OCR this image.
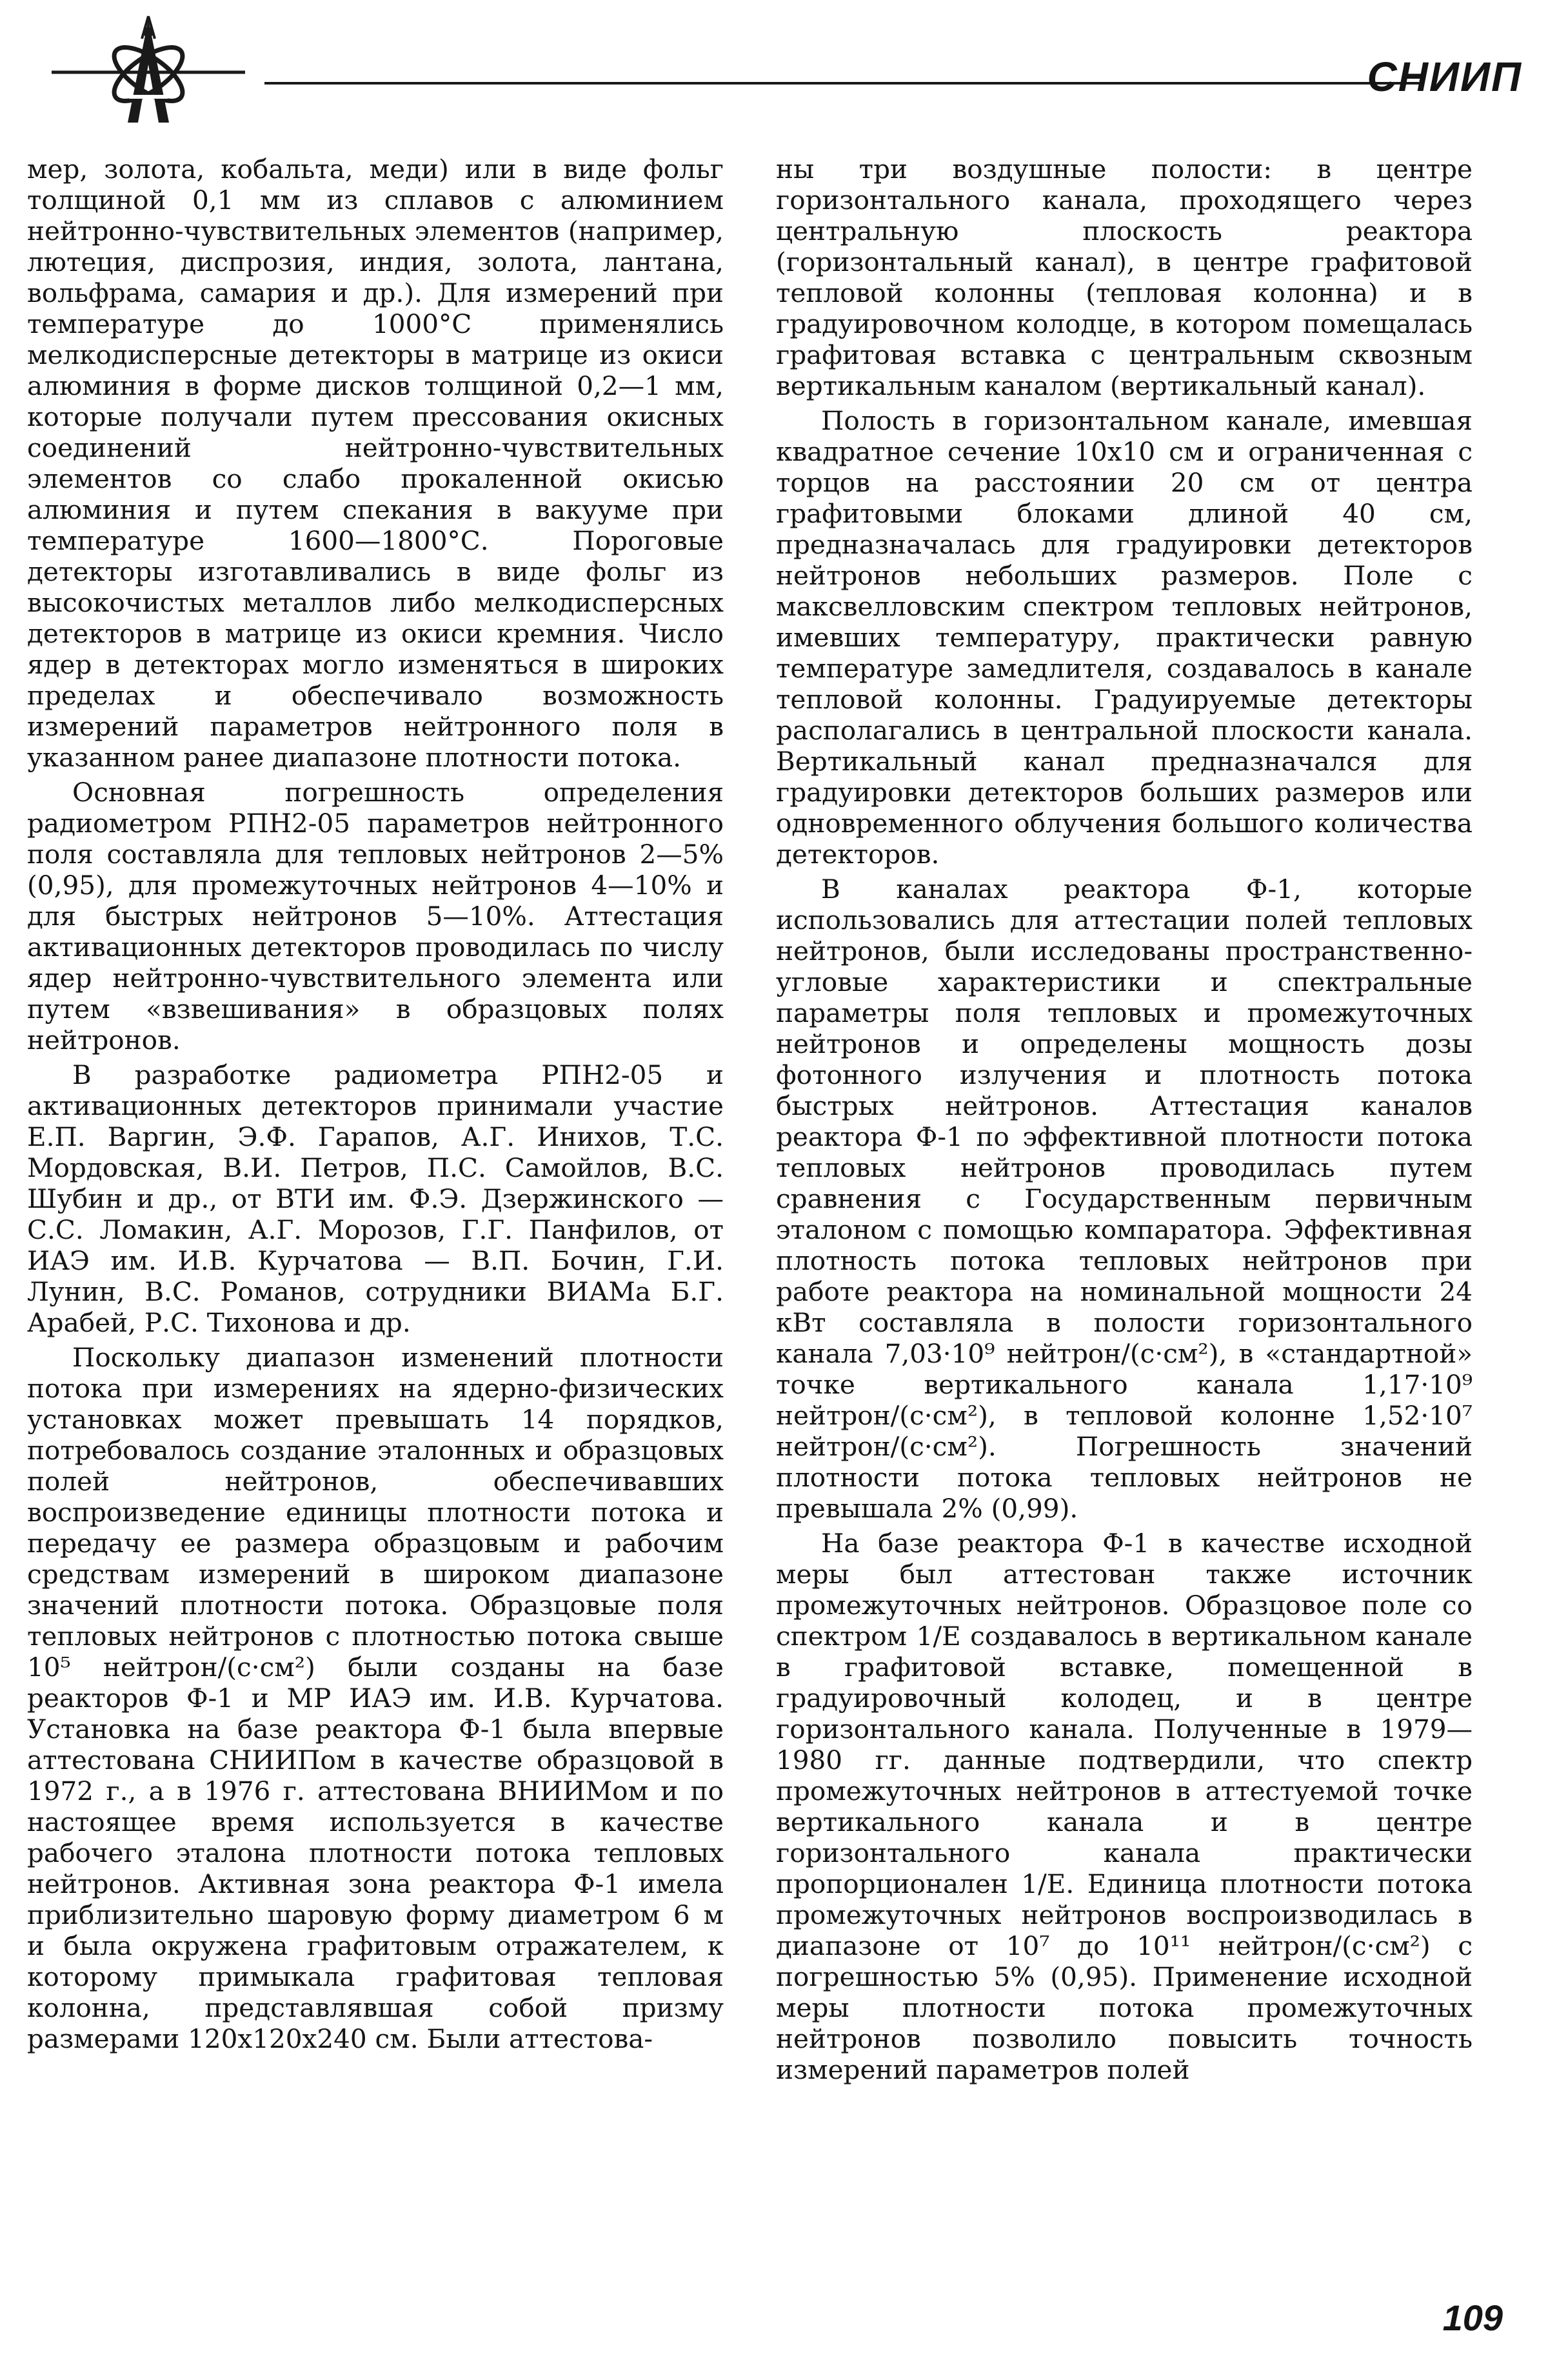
СНИИП

мер, золота, кобальта, меди) или в виде фольг толщиной 0,1 мм из сплавов с алюминием нейтронно-чувствительных элементов (например, лютеция, диспрозия, индия, золота, лантана, вольфрама, самария и др.). Для измерений при температуре до 1000°С применялись мелкодисперсные детекторы в матрице из окиси алюминия в форме дисков толщиной 0,2—1 мм, которые получали путем прессования окисных соединений нейтронно-чувствительных элементов со слабо прокаленной окисью алюминия и путем спекания в вакууме при температуре 1600—1800°С. Пороговые детекторы изготавливались в виде фольг из высокочистых металлов либо мелкодисперсных детекторов в матрице из окиси кремния. Число ядер в детекторах могло изменяться в широких пределах и обеспечивало возможность измерений параметров нейтронного поля в указанном ранее диапазоне плотности потока.

Основная погрешность определения радиометром РПН2-05 параметров нейтронного поля составляла для тепловых нейтронов 2—5% (0,95), для промежуточных нейтронов 4—10% и для быстрых нейтронов 5—10%. Аттестация активационных детекторов проводилась по числу ядер нейтронно-чувствительного элемента или путем «взвешивания» в образцовых полях нейтронов.

В разработке радиометра РПН2-05 и активационных детекторов принимали участие Е.П. Варгин, Э.Ф. Гарапов, А.Г. Инихов, Т.С. Мордовская, В.И. Петров, П.С. Самойлов, В.С. Шубин и др., от ВТИ им. Ф.Э. Дзержинского — С.С. Ломакин, А.Г. Морозов, Г.Г. Панфилов, от ИАЭ им. И.В. Курчатова — В.П. Бочин, Г.И. Лунин, В.С. Романов, сотрудники ВИАМа Б.Г. Арабей, Р.С. Тихонова и др.

Поскольку диапазон изменений плотности потока при измерениях на ядерно-физических установках может превышать 14 порядков, потребовалось создание эталонных и образцовых полей нейтронов, обеспечивавших воспроизведение единицы плотности потока и передачу ее размера образцовым и рабочим средствам измерений в широком диапазоне значений плотности потока. Образцовые поля тепловых нейтронов с плотностью потока свыше 10⁵ нейтрон/(с·см²) были созданы на базе реакторов Ф-1 и МР ИАЭ им. И.В. Курчатова. Установка на базе реактора Ф-1 была впервые аттестована СНИИПом в качестве образцовой в 1972 г., а в 1976 г. аттестована ВНИИМом и по настоящее время используется в качестве рабочего эталона плотности потока тепловых нейтронов. Активная зона реактора Ф-1 имела приблизительно шаровую форму диаметром 6 м и была окружена графитовым отражателем, к которому примыкала графитовая тепловая колонна, представлявшая собой призму размерами 120x120x240 см. Были аттестова-

ны три воздушные полости: в центре горизонтального канала, проходящего через центральную плоскость реактора (горизонтальный канал), в центре графитовой тепловой колонны (тепловая колонна) и в градуировочном колодце, в котором помещалась графитовая вставка с центральным сквозным вертикальным каналом (вертикальный канал).

Полость в горизонтальном канале, имевшая квадратное сечение 10x10 см и ограниченная с торцов на расстоянии 20 см от центра графитовыми блоками длиной 40 см, предназначалась для градуировки детекторов нейтронов небольших размеров. Поле с максвелловским спектром тепловых нейтронов, имевших температуру, практически равную температуре замедлителя, создавалось в канале тепловой колонны. Градуируемые детекторы располагались в центральной плоскости канала. Вертикальный канал предназначался для градуировки детекторов больших размеров или одновременного облучения большого количества детекторов.

В каналах реактора Ф-1, которые использовались для аттестации полей тепловых нейтронов, были исследованы пространственно-угловые характеристики и спектральные параметры поля тепловых и промежуточных нейтронов и определены мощность дозы фотонного излучения и плотность потока быстрых нейтронов. Аттестация каналов реактора Ф-1 по эффективной плотности потока тепловых нейтронов проводилась путем сравнения с Государственным первичным эталоном с помощью компаратора. Эффективная плотность потока тепловых нейтронов при работе реактора на номинальной мощности 24 кВт составляла в полости горизонтального канала 7,03·10⁹ нейтрон/(с·см²), в «стандартной» точке вертикального канала 1,17·10⁹ нейтрон/(с·см²), в тепловой колонне 1,52·10⁷ нейтрон/(с·см²). Погрешность значений плотности потока тепловых нейтронов не превышала 2% (0,99).

На базе реактора Ф-1 в качестве исходной меры был аттестован также источник промежуточных нейтронов. Образцовое поле со спектром 1/E создавалось в вертикальном канале в графитовой вставке, помещенной в градуировочный колодец, и в центре горизонтального канала. Полученные в 1979—1980 гг. данные подтвердили, что спектр промежуточных нейтронов в аттестуемой точке вертикального канала и в центре горизонтального канала практически пропорционален 1/E. Единица плотности потока промежуточных нейтронов воспроизводилась в диапазоне от 10⁷ до 10¹¹ нейтрон/(с·см²) с погрешностью 5% (0,95). Применение исходной меры плотности потока промежуточных нейтронов позволило повысить точность измерений параметров полей

109
